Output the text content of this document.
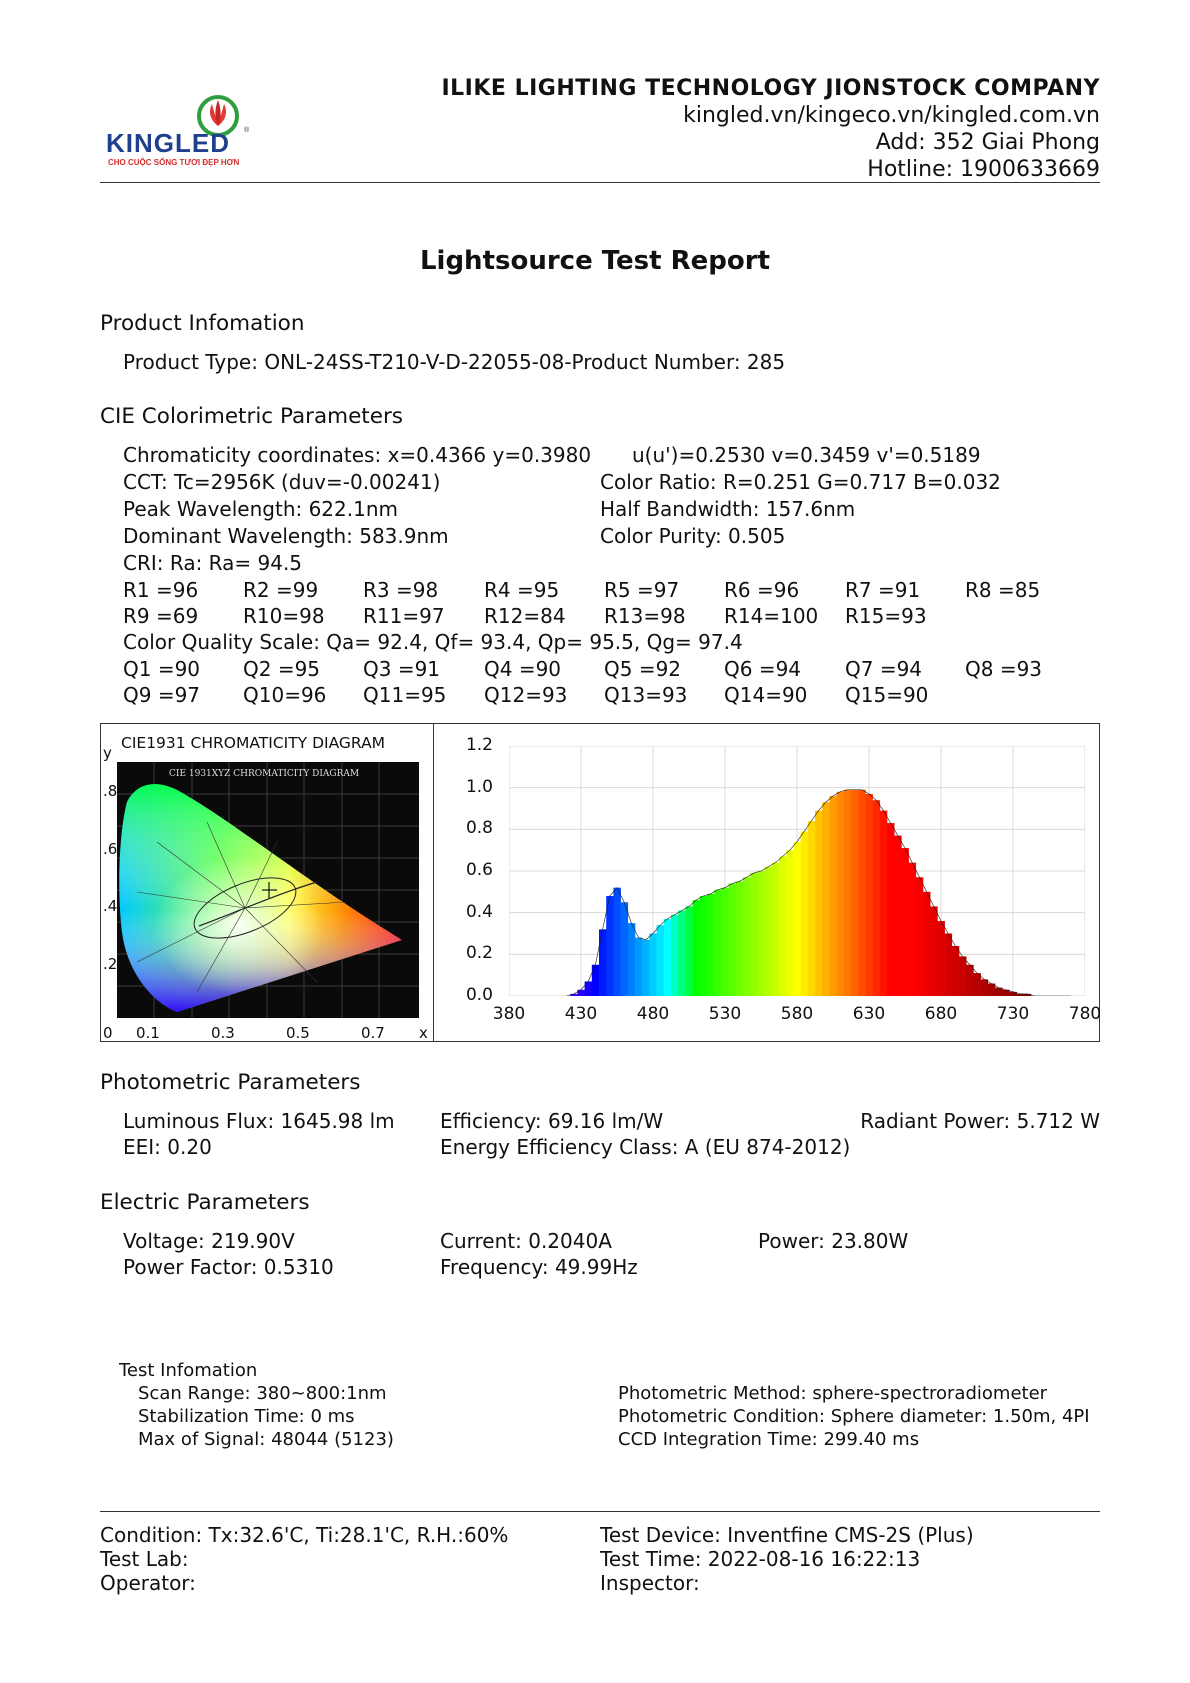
®
KINGLED
CHO CUỘC SỐNG TƯƠI ĐẸP HƠN
ILIKE LIGHTING TECHNOLOGY JIONSTOCK COMPANY
kingled.vn/kingeco.vn/kingled.com.vn
Add: 352 Giai Phong
Hotline: 1900633669
Lightsource Test Report
Product Infomation
Product Type: ONL-24SS-T210-V-D-22055-08-Product Number: 285
CIE Colorimetric Parameters
Chromaticity coordinates: x=0.4366 y=0.3980 u(u')=0.2530 v=0.3459 v'=0.5189
CCT: Tc=2956K (duv=-0.00241)	Color Ratio: R=0.251 G=0.717 B=0.032
Peak Wavelength: 622.1nm	Half Bandwidth: 157.6nm
Dominant Wavelength: 583.9nm	Color Purity: 0.505
CRI: Ra: Ra= 94.5
R1 =96 R2 =99 R3 =98 R4 =95 R5 =97 R6 =96 R7 =91 R8 =85
R9 =69 R10=98 R11=97 R12=84 R13=98 R14=100 R15=93
Color Quality Scale: Qa= 92.4, Qf= 93.4, Qp= 95.5, Qg= 97.4
Q1 =90 Q2 =95 Q3 =91 Q4 =90 Q5 =92 Q6 =94 Q7 =94 Q8 =93
Q9 =97 Q10=96 Q11=95 Q12=93 Q13=93 Q14=90 Q15=90
CIE1931 CHROMATICITY DIAGRAM
y
x
.8
.6
.4
.2
0 0.1	0.3	0.5	0.7
CIE 1931XYZ CHROMATICITY DIAGRAM
0.0
0.2
0.4
0.6
0.8
1.0
1.2
380	430	480	530	580	630	680	730	780
Photometric Parameters
Luminous Flux: 1645.98 lm Efficiency: 69.16 lm/W	Radiant Power: 5.712 W
EEI: 0.20	Energy Efficiency Class: A (EU 874-2012)
Electric Parameters
Voltage: 219.90V	Current: 0.2040A	Power: 23.80W
Power Factor: 0.5310	Frequency: 49.99Hz
Test Infomation
Scan Range: 380~800:1nm
Stabilization Time: 0 ms
Max of Signal: 48044 (5123)
Photometric Method: sphere-spectroradiometer
Photometric Condition: Sphere diameter: 1.50m, 4PI
CCD Integration Time: 299.40 ms
Condition: Tx:32.6'C, Ti:28.1'C, R.H.:60%
Test Lab:
Operator:
Test Device: Inventfine CMS-2S (Plus)
Test Time: 2022-08-16 16:22:13
Inspector:
